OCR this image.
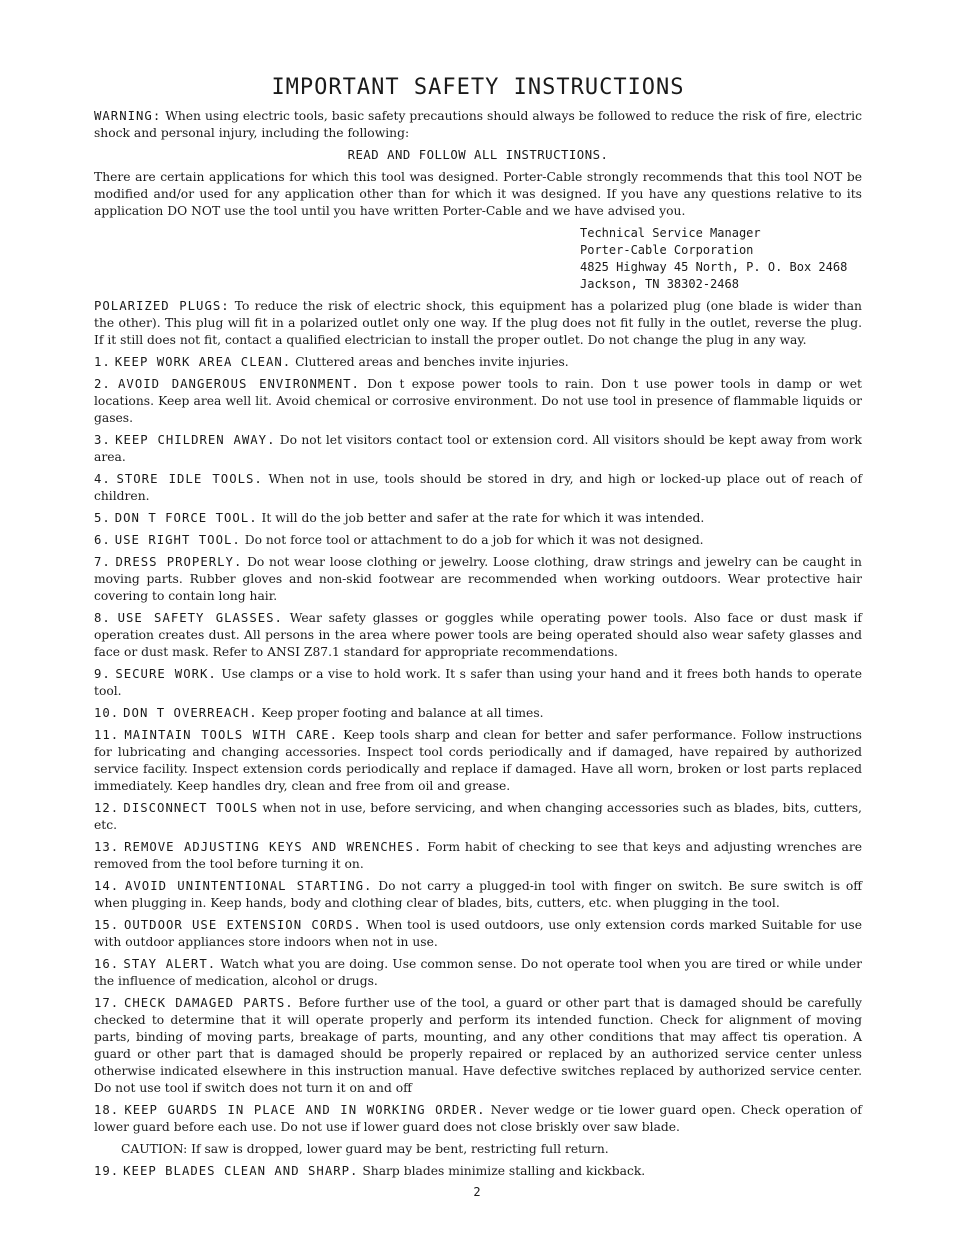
IMPORTANT SAFETY INSTRUCTIONS

WARNING: When using electric tools, basic safety precautions should always be followed to reduce the risk of fire, electric shock and personal injury, including the following:

READ AND FOLLOW ALL INSTRUCTIONS.

There are certain applications for which this tool was designed. Porter-Cable strongly recommends that this tool NOT be modified and/or used for any application other than for which it was designed. If you have any questions relative to its application DO NOT use the tool until you have written Porter-Cable and we have advised you.

Technical Service Manager
Porter-Cable Corporation
4825 Highway 45 North, P. O. Box 2468
Jackson, TN 38302-2468

POLARIZED PLUGS: To reduce the risk of electric shock, this equipment has a polarized plug (one blade is wider than the other). This plug will fit in a polarized outlet only one way. If the plug does not fit fully in the outlet, reverse the plug. If it still does not fit, contact a qualified electrician to install the proper outlet. Do not change the plug in any way.

1. KEEP WORK AREA CLEAN. Cluttered areas and benches invite injuries.

2. AVOID DANGEROUS ENVIRONMENT. Don t expose power tools to rain. Don t use power tools in damp or wet locations. Keep area well lit. Avoid chemical or corrosive environment. Do not use tool in presence of flammable liquids or gases.

3. KEEP CHILDREN AWAY. Do not let visitors contact tool or extension cord. All visitors should be kept away from work area.

4. STORE IDLE TOOLS. When not in use, tools should be stored in dry, and high or locked-up place out of reach of children.

5. DON T FORCE TOOL. It will do the job better and safer at the rate for which it was intended.

6. USE RIGHT TOOL. Do not force tool or attachment to do a job for which it was not designed.

7. DRESS PROPERLY. Do not wear loose clothing or jewelry. Loose clothing, draw strings and jewelry can be caught in moving parts. Rubber gloves and non-skid footwear are recommended when working outdoors. Wear protective hair covering to contain long hair.

8. USE SAFETY GLASSES. Wear safety glasses or goggles while operating power tools. Also face or dust mask if operation creates dust. All persons in the area where power tools are being operated should also wear safety glasses and face or dust mask. Refer to ANSI Z87.1 standard for appropriate recommendations.

9. SECURE WORK. Use clamps or a vise to hold work. It s safer than using your hand and it frees both hands to operate tool.

10. DON T OVERREACH. Keep proper footing and balance at all times.

11. MAINTAIN TOOLS WITH CARE. Keep tools sharp and clean for better and safer performance. Follow instructions for lubricating and changing accessories. Inspect tool cords periodically and if damaged, have repaired by authorized service facility. Inspect extension cords periodically and replace if damaged. Have all worn, broken or lost parts replaced immediately. Keep handles dry, clean and free from oil and grease.

12. DISCONNECT TOOLS when not in use, before servicing, and when changing accessories such as blades, bits, cutters, etc.

13. REMOVE ADJUSTING KEYS AND WRENCHES. Form habit of checking to see that keys and adjusting wrenches are removed from the tool before turning it on.

14. AVOID UNINTENTIONAL STARTING. Do not carry a plugged-in tool with finger on switch. Be sure switch is off when plugging in. Keep hands, body and clothing clear of blades, bits, cutters, etc. when plugging in the tool.

15. OUTDOOR USE EXTENSION CORDS. When tool is used outdoors, use only extension cords marked Suitable for use with outdoor appliances store indoors when not in use.

16. STAY ALERT. Watch what you are doing. Use common sense. Do not operate tool when you are tired or while under the influence of medication, alcohol or drugs.

17. CHECK DAMAGED PARTS. Before further use of the tool, a guard or other part that is damaged should be carefully checked to determine that it will operate properly and perform its intended function. Check for alignment of moving parts, binding of moving parts, breakage of parts, mounting, and any other conditions that may affect tis operation. A guard or other part that is damaged should be properly repaired or replaced by an authorized service center unless otherwise indicated elsewhere in this instruction manual. Have defective switches replaced by authorized service center. Do not use tool if switch does not turn it on and off

18. KEEP GUARDS IN PLACE AND IN WORKING ORDER. Never wedge or tie lower guard open. Check operation of lower guard before each use. Do not use if lower guard does not close briskly over saw blade.

CAUTION: If saw is dropped, lower guard may be bent, restricting full return.

19. KEEP BLADES CLEAN AND SHARP. Sharp blades minimize stalling and kickback.

2
